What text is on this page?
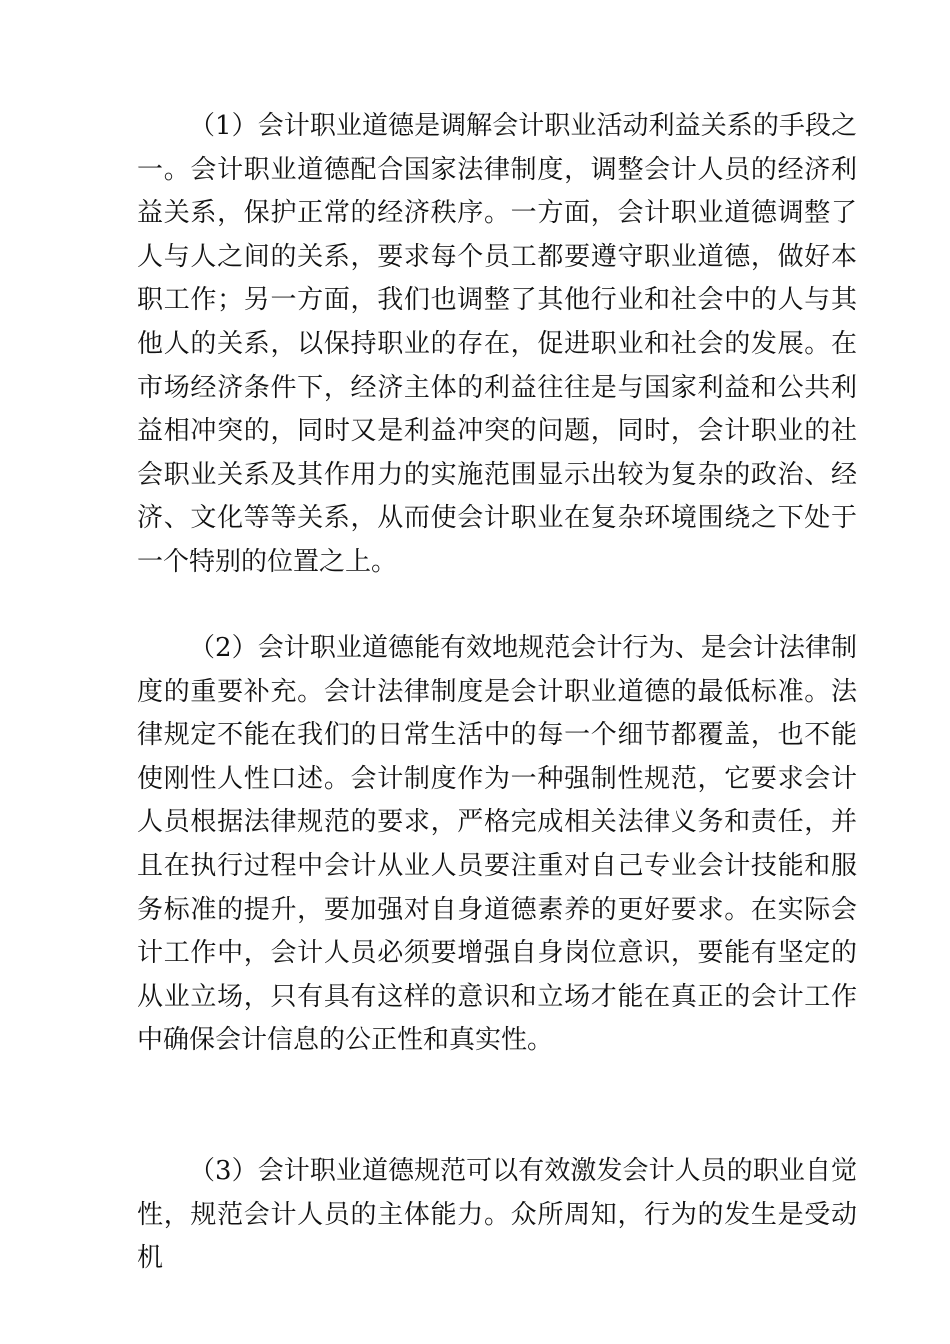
（1）会计职业道德是调解会计职业活动利益关系的手段之一。会计职业道德配合国家法律制度，调整会计人员的经济利益关系，保护正常的经济秩序。一方面，会计职业道德调整了人与人之间的关系，要求每个员工都要遵守职业道德，做好本职工作；另一方面，我们也调整了其他行业和社会中的人与其他人的关系，以保持职业的存在，促进职业和社会的发展。在市场经济条件下，经济主体的利益往往是与国家利益和公共利益相冲突的，同时又是利益冲突的问题，同时，会计职业的社会职业关系及其作用力的实施范围显示出较为复杂的政治、经济、文化等等关系，从而使会计职业在复杂环境围绕之下处于一个特别的位置之上。

（2）会计职业道德能有效地规范会计行为、是会计法律制度的重要补充。会计法律制度是会计职业道德的最低标准。法律规定不能在我们的日常生活中的每一个细节都覆盖，也不能使刚性人性口述。会计制度作为一种强制性规范，它要求会计人员根据法律规范的要求，严格完成相关法律义务和责任，并且在执行过程中会计从业人员要注重对自己专业会计技能和服务标准的提升，要加强对自身道德素养的更好要求。在实际会计工作中，会计人员必须要增强自身岗位意识，要能有坚定的从业立场，只有具有这样的意识和立场才能在真正的会计工作中确保会计信息的公正性和真实性。

（3）会计职业道德规范可以有效激发会计人员的职业自觉性，规范会计人员的主体能力。众所周知，行为的发生是受动机
